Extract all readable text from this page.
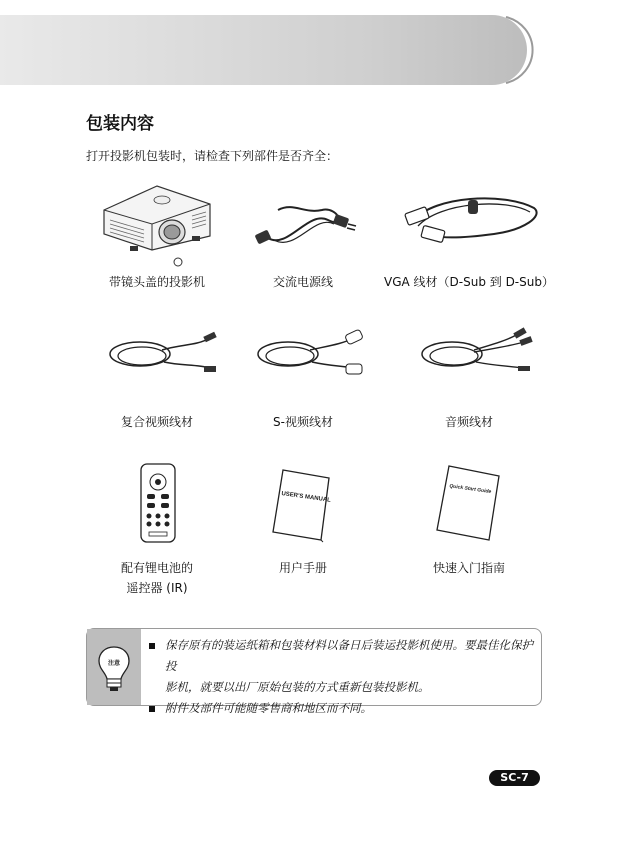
包装内容
打开投影机包装时，请检查下列部件是否齐全：
带镜头盖的投影机	交流电源线	VGA 线材（D-Sub 到 D-Sub）
复合视频线材	S-视频线材	音频线材
配有锂电池的
遥控器 (IR)
USER'S MANUAL
用户手册
Quick Start Guide
快速入门指南
注意
保存原有的装运纸箱和包装材料以备日后装运投影机使用。要最佳化保护投
影机，就要以出厂原始包装的方式重新包装投影机。
附件及部件可能随零售商和地区而不同。
SC-7
